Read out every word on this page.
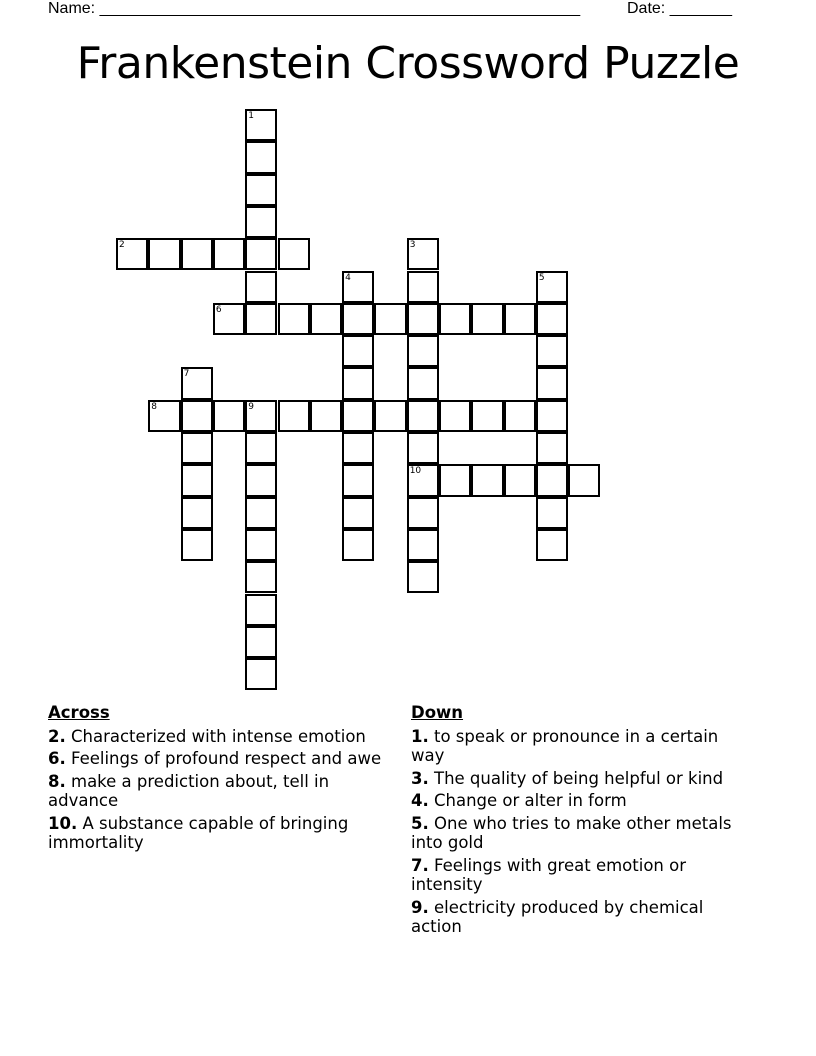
Name: ______________________________________________________	Date: _______
Frankenstein Crossword Puzzle
1
2	3
10
4	5
6
7
8	9
Across
2. Characterized with intense emotion
6. Feelings of profound respect and awe
8. make a prediction about, tell in advance
10. A substance capable of bringing immortality
Down
1. to speak or pronounce in a certain way
3. The quality of being helpful or kind
4. Change or alter in form
5. One who tries to make other metals into gold
7. Feelings with great emotion or intensity
9. electricity produced by chemical action
